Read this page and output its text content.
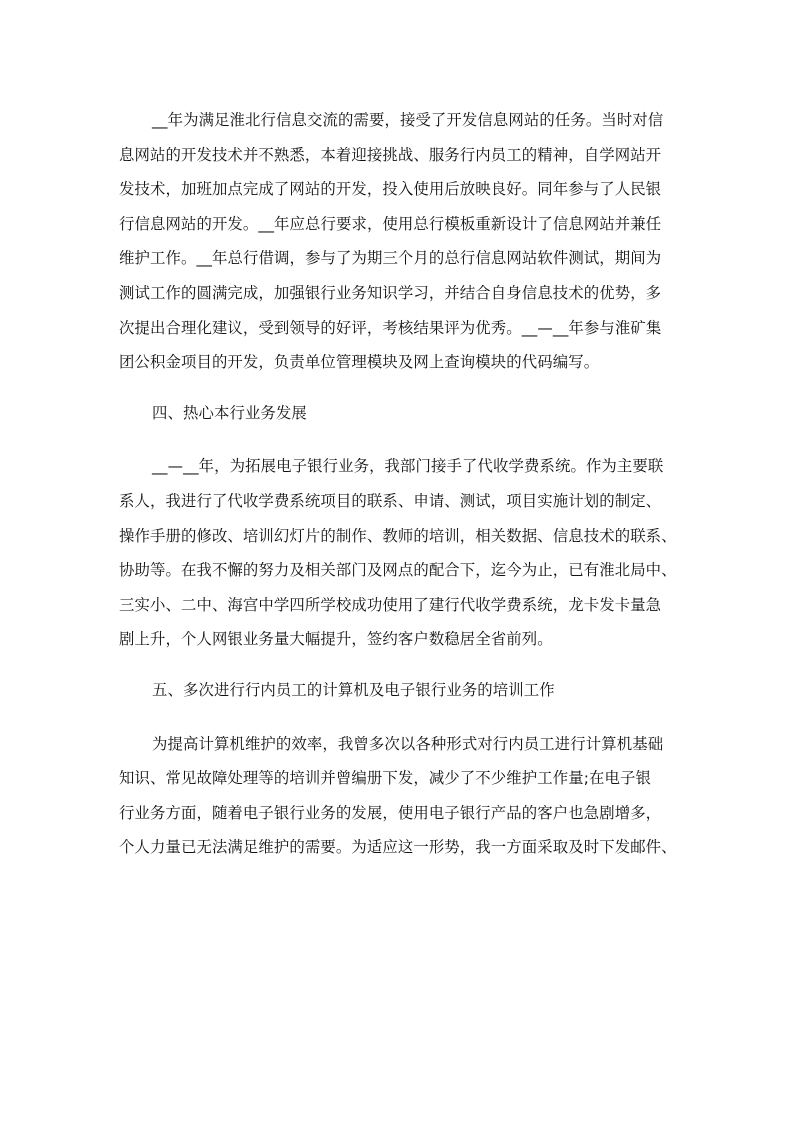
__年为满足淮北行信息交流的需要，接受了开发信息网站的任务。当时对信
息网站的开发技术并不熟悉，本着迎接挑战、服务行内员工的精神，自学网站开
发技术，加班加点完成了网站的开发，投入使用后放映良好。同年参与了人民银
行信息网站的开发。__年应总行要求，使用总行模板重新设计了信息网站并兼任
维护工作。__年总行借调，参与了为期三个月的总行信息网站软件测试，期间为
测试工作的圆满完成，加强银行业务知识学习，并结合自身信息技术的优势，多
次提出合理化建议，受到领导的好评，考核结果评为优秀。__—__年参与淮矿集
团公积金项目的开发，负责单位管理模块及网上查询模块的代码编写。
四、热心本行业务发展
__—__年，为拓展电子银行业务，我部门接手了代收学费系统。作为主要联
系人，我进行了代收学费系统项目的联系、申请、测试，项目实施计划的制定、
操作手册的修改、培训幻灯片的制作、教师的培训，相关数据、信息技术的联系、
协助等。在我不懈的努力及相关部门及网点的配合下，迄今为止，已有淮北局中、
三实小、二中、海宫中学四所学校成功使用了建行代收学费系统，龙卡发卡量急
剧上升，个人网银业务量大幅提升，签约客户数稳居全省前列。
五、多次进行行内员工的计算机及电子银行业务的培训工作
为提高计算机维护的效率，我曾多次以各种形式对行内员工进行计算机基础
知识、常见故障处理等的培训并曾编册下发，减少了不少维护工作量;在电子银
行业务方面，随着电子银行业务的发展，使用电子银行产品的客户也急剧增多，
个人力量已无法满足维护的需要。为适应这一形势，我一方面采取及时下发邮件、
